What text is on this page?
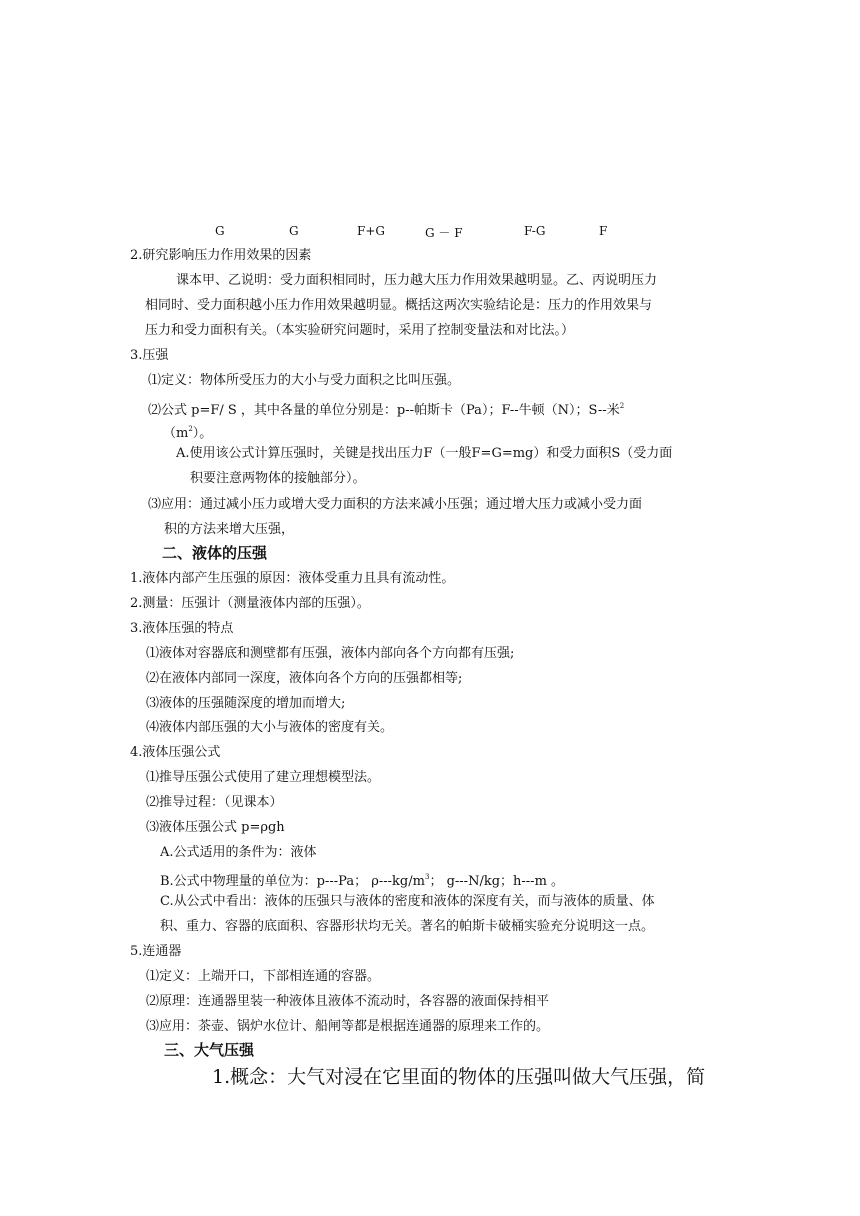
G	G	F+G	G － F	F-G	F
2.研究影响压力作用效果的因素
课本甲、乙说明：受力面积相同时，压力越大压力作用效果越明显。乙、丙说明压力
相同时、受力面积越小压力作用效果越明显。概括这两次实验结论是：压力的作用效果与
压力和受力面积有关。（本实验研究问题时，采用了控制变量法和对比法。）
3.压强
⑴定义：物体所受压力的大小与受力面积之比叫压强。
⑵公式 p=F/ S ，其中各量的单位分别是：p--帕斯卡（Pa）；F--牛顿（N）；S--米$^2$
$(m^2)$。
A.使用该公式计算压强时，关键是找出压力F（一般F=G=mg）和受力面积S（受力面
积要注意两物体的接触部分）。
⑶应用：通过减小压力或增大受力面积的方法来减小压强；通过增大压力或减小受力面
积的方法来增大压强，
二、液体的压强
1.液体内部产生压强的原因：液体受重力且具有流动性。
2.测量：压强计（测量液体内部的压强）。
3.液体压强的特点
⑴液体对容器底和测壁都有压强，液体内部向各个方向都有压强;
⑵在液体内部同一深度，液体向各个方向的压强都相等;
⑶液体的压强随深度的增加而增大;
⑷液体内部压强的大小与液体的密度有关。
4.液体压强公式
⑴推导压强公式使用了建立理想模型法。
⑵推导过程：（见课本）
⑶液体压强公式 p=ρgh
A.公式适用的条件为：液体
B.公式中物理量的单位为：p---Pa； $\rho---kg/m^3$； g---N/kg；h---m 。
C.从公式中看出：液体的压强只与液体的密度和液体的深度有关，而与液体的质量、体
积、重力、容器的底面积、容器形状均无关。著名的帕斯卡破桶实验充分说明这一点。
5.连通器
⑴定义：上端开口，下部相连通的容器。
⑵原理：连通器里装一种液体且液体不流动时，各容器的液面保持相平
⑶应用：茶壶、锅炉水位计、船闸等都是根据连通器的原理来工作的。
三、大气压强
1.概念：大气对浸在它里面的物体的压强叫做大气压强，简
